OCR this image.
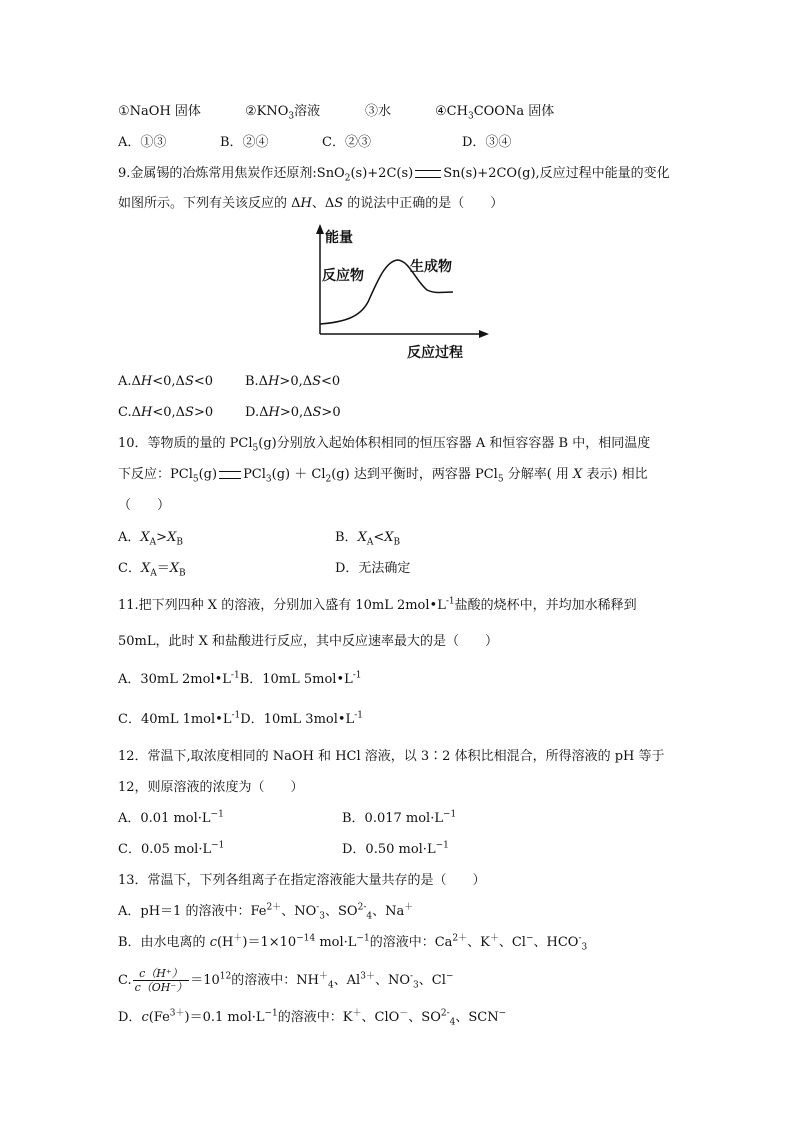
①NaOH 固体	$②KNO_3$溶液	③水	$④CH_3COONa$ 固体
A．①③	B．②④	C．②③	D．③④
9.金属锡的冶炼常用焦炭作还原剂:SnO$_2$(s)+2C(s) Sn(s)+2CO(g),反应过程中能量的变化
如图所示。下列有关该反应的 ΔH、ΔS 的说法中正确的是（　　）
能量
反应物
生成物
反应过程
A.ΔH<0,ΔS<0 B.ΔH>0,ΔS<0
C.ΔH<0,ΔS>0 D.ΔH>0,ΔS>0
10．等物质的量的 PCl$_5$(g)分别放入起始体积相同的恒压容器 A 和恒容容器 B 中，相同温度
下反应：PCl$_5$(g) $PCl_3(g) + Cl_2(g)$ 达到平衡时，两容器 PCl$_5$ 分解率( 用 X 表示) 相比
（　　）
A．$X_A>X_B$	B．$X_A<X_B$
C．$X_A=X_B$	D．无法确定
11.把下列四种 X 的溶液，分别加入盛有 10mL $2mol•L^{-1}$盐酸的烧杯中，并均加水稀释到
50mL，此时 X 和盐酸进行反应，其中反应速率最大的是（　　）
A．30mL $2mol•L^{-1}B$．10mL $5mol•L^{-1}$
C．40mL $1mol•L^{-1}D$．10mL $3mol•L^{-1}$
12．常温下,取浓度相同的 NaOH 和 HCl 溶液，以 3∶2 体积比相混合，所得溶液的 pH 等于
12，则原溶液的浓度为（　　）
A．0.01 $mol\cdot L^{-1}$	B．0.017 $mol\cdot L^{-1}$
C．0.05 $mol\cdot L^{-1}$	D．0.50 $mol\cdot L^{-1}$
13．常温下，下列各组离子在指定溶液能大量共存的是（　　）
A．pH＝1 的溶液中：$Fe^{2+}$、$NO^-_3$、$SO^{2-}_4$、Na＋
B．由水电离的 $c(H^+)=1\times 10^{-14}$ $mol\cdot L^{-1}$的溶液中：$Ca^{2+}$、K＋、Cl−、$HCO^-_3$
C. $\frac{c(H^+)}{c(OH^-)} =10^{12}$的溶液中：$NH^+_4$、$Al^{3+}$、$NO^-_3$、Cl−
D．$c(Fe^{3+})=0.1$ $mol\cdot L^{-1}$的溶液中：K＋、ClO－、$SO^{2-}_4$、SCN−
